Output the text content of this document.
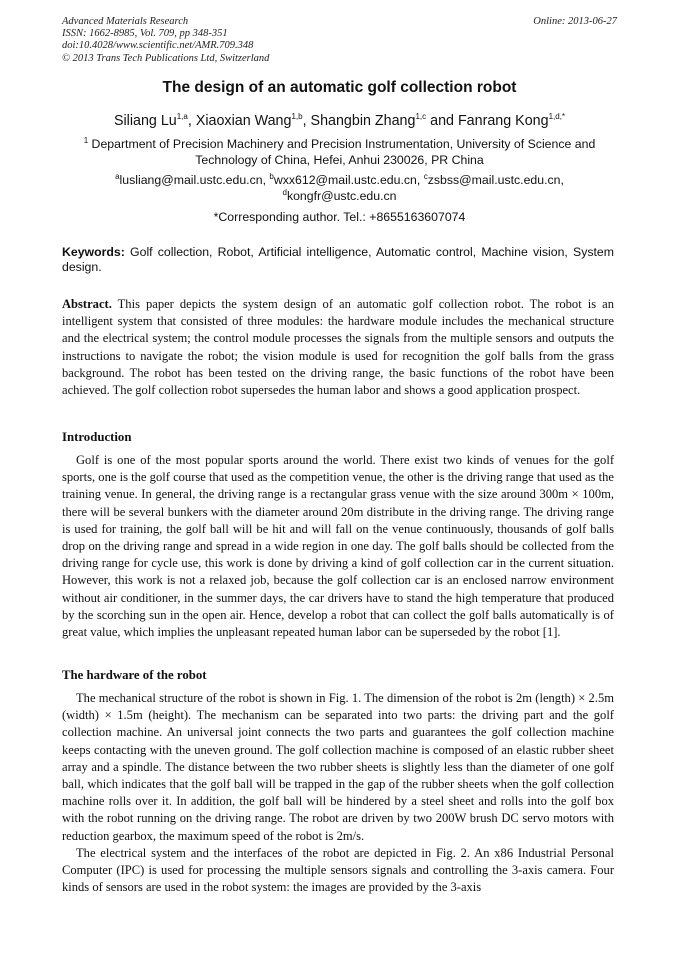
Advanced Materials Research
ISSN: 1662-8985, Vol. 709, pp 348-351
doi:10.4028/www.scientific.net/AMR.709.348
© 2013 Trans Tech Publications Ltd, Switzerland
Online: 2013-06-27
The design of an automatic golf collection robot
Siliang Lu$^{1,a}$, Xiaoxian Wang$^{1,b}$, Shangbin Zhang$^{1,c}$ and Fanrang Kong$^{1,d,*}$
$^1$ Department of Precision Machinery and Precision Instrumentation, University of Science and
Technology of China, Hefei, Anhui 230026, PR China
$^a$lusliang@mail.ustc.edu.cn, $^b$wxx612@mail.ustc.edu.cn, $^c$zsbss@mail.ustc.edu.cn,
$^d$kongfr@ustc.edu.cn
*Corresponding author. Tel.: +8655163607074
Keywords: Golf collection, Robot, Artificial intelligence, Automatic control, Machine vision, System design.

Abstract. This paper depicts the system design of an automatic golf collection robot. The robot is an intelligent system that consisted of three modules: the hardware module includes the mechanical structure and the electrical system; the control module processes the signals from the multiple sensors and outputs the instructions to navigate the robot; the vision module is used for recognition the golf balls from the grass background. The robot has been tested on the driving range, the basic functions of the robot have been achieved. The golf collection robot supersedes the human labor and shows a good application prospect.

Introduction

Golf is one of the most popular sports around the world. There exist two kinds of venues for the golf sports, one is the golf course that used as the competition venue, the other is the driving range that used as the training venue. In general, the driving range is a rectangular grass venue with the size around 300m × 100m, there will be several bunkers with the diameter around 20m distribute in the driving range. The driving range is used for training, the golf ball will be hit and will fall on the venue continuously, thousands of golf balls drop on the driving range and spread in a wide region in one day. The golf balls should be collected from the driving range for cycle use, this work is done by driving a kind of golf collection car in the current situation. However, this work is not a relaxed job, because the golf collection car is an enclosed narrow environment without air conditioner, in the summer days, the car drivers have to stand the high temperature that produced by the scorching sun in the open air. Hence, develop a robot that can collect the golf balls automatically is of great value, which implies the unpleasant repeated human labor can be superseded by the robot [1].

The hardware of the robot

The mechanical structure of the robot is shown in Fig. 1. The dimension of the robot is 2m (length) × 2.5m (width) × 1.5m (height). The mechanism can be separated into two parts: the driving part and the golf collection machine. An universal joint connects the two parts and guarantees the golf collection machine keeps contacting with the uneven ground. The golf collection machine is composed of an elastic rubber sheet array and a spindle. The distance between the two rubber sheets is slightly less than the diameter of one golf ball, which indicates that the golf ball will be trapped in the gap of the rubber sheets when the golf collection machine rolls over it. In addition, the golf ball will be hindered by a steel sheet and rolls into the golf box with the robot running on the driving range. The robot are driven by two 200W brush DC servo motors with reduction gearbox, the maximum speed of the robot is 2m/s.

The electrical system and the interfaces of the robot are depicted in Fig. 2. An x86 Industrial Personal Computer (IPC) is used for processing the multiple sensors signals and controlling the 3-axis camera. Four kinds of sensors are used in the robot system: the images are provided by the 3-axis
